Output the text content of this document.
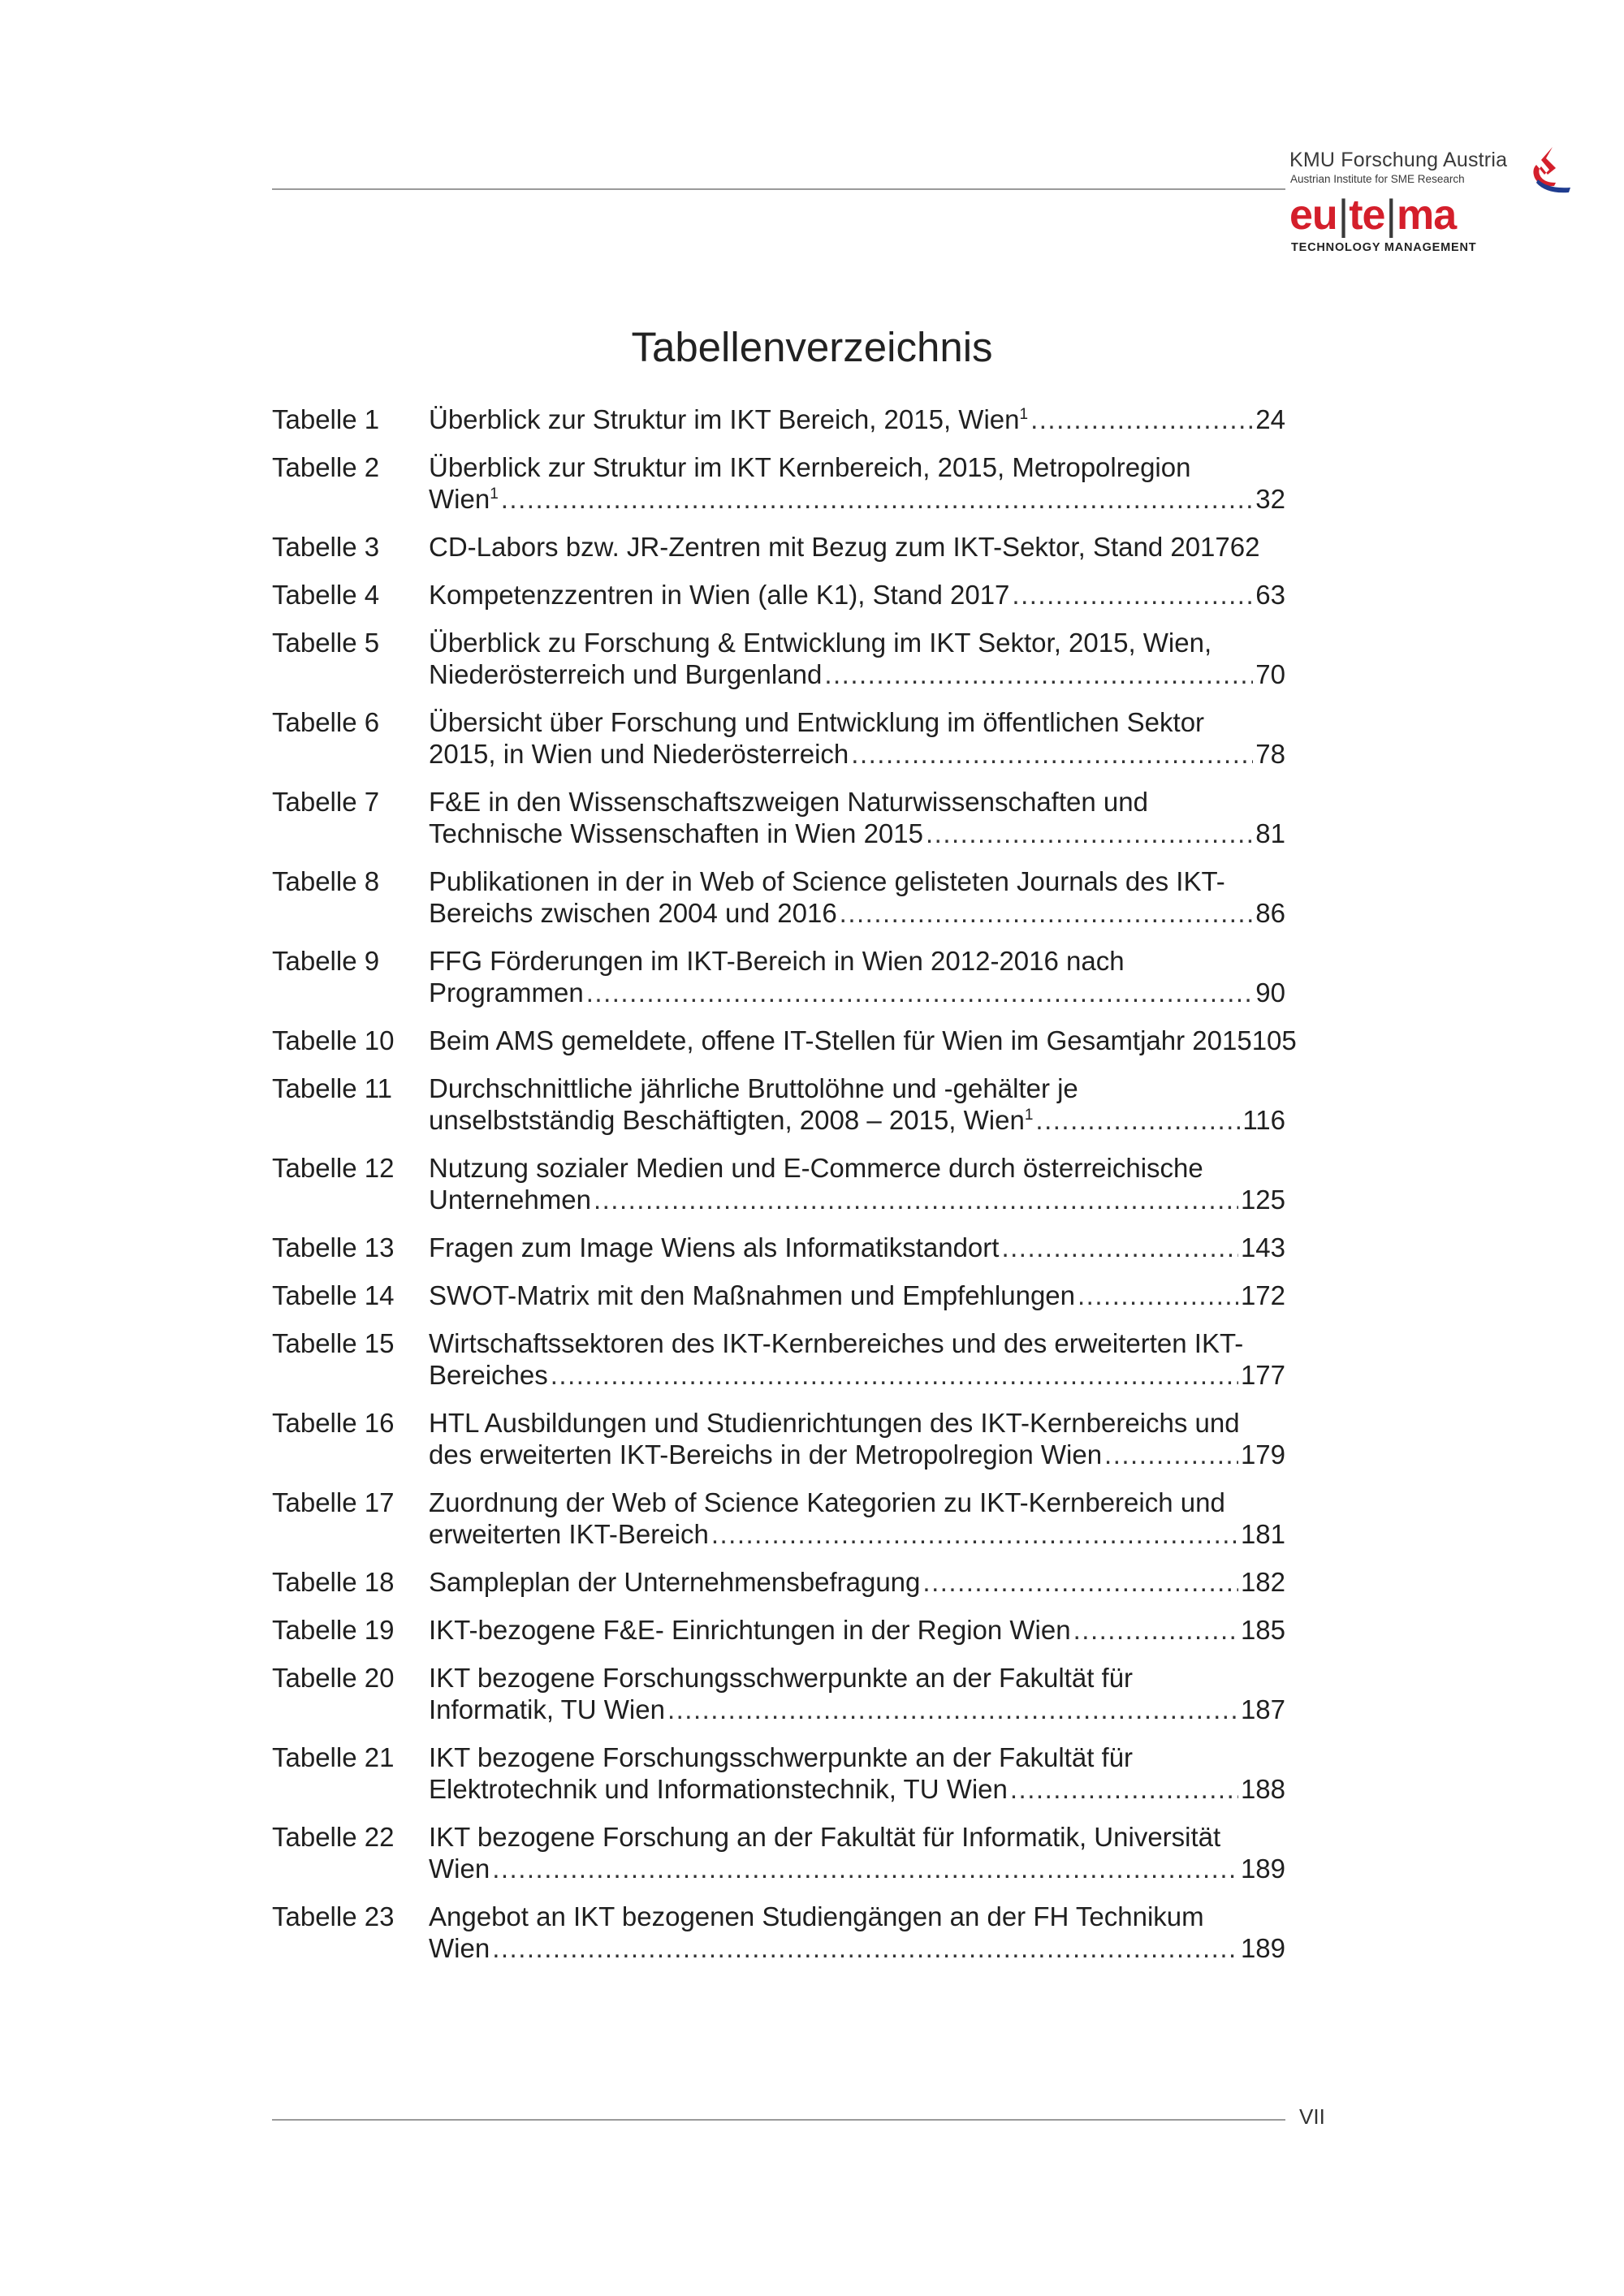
KMU Forschung Austria
Austrian Institute for SME Research
eu|te|ma
TECHNOLOGY MANAGEMENT
Tabellenverzeichnis
Tabelle 1 Überblick zur Struktur im IKT Bereich, 2015, Wien$^1$ .....	24
Tabelle 2 Überblick zur Struktur im IKT Kernbereich, 2015, Metropolregion
Wien$^1$ .....	32
Tabelle 3 CD-Labors bzw. JR-Zentren mit Bezug zum IKT-Sektor, Stand 2017 62
Tabelle 4 Kompetenzzentren in Wien (alle K1), Stand 2017 .....	63
Tabelle 5 Überblick zu Forschung & Entwicklung im IKT Sektor, 2015, Wien,
Niederösterreich und Burgenland .....	70
Tabelle 6 Übersicht über Forschung und Entwicklung im öffentlichen Sektor
2015, in Wien und Niederösterreich .....	78
Tabelle 7 F&E in den Wissenschaftszweigen Naturwissenschaften und
Technische Wissenschaften in Wien 2015 .....	81
Tabelle 8 Publikationen in der in Web of Science gelisteten Journals des IKT-
Bereichs zwischen 2004 und 2016 .....	86
Tabelle 9 FFG Förderungen im IKT-Bereich in Wien 2012-2016 nach
Programmen .....	90
Tabelle 10 Beim AMS gemeldete, offene IT-Stellen für Wien im Gesamtjahr 2015 105
Tabelle 11 Durchschnittliche jährliche Bruttolöhne und -gehälter je
unselbstständig Beschäftigten, 2008 – 2015, Wien$^1$ .....	116
Tabelle 12 Nutzung sozialer Medien und E-Commerce durch österreichische
Unternehmen .....	125
Tabelle 13 Fragen zum Image Wiens als Informatikstandort .....	143
Tabelle 14 SWOT-Matrix mit den Maßnahmen und Empfehlungen .....	172
Tabelle 15 Wirtschaftssektoren des IKT-Kernbereiches und des erweiterten IKT-
Bereiches .....	177
Tabelle 16 HTL Ausbildungen und Studienrichtungen des IKT-Kernbereichs und
des erweiterten IKT-Bereichs in der Metropolregion Wien .....	179
Tabelle 17 Zuordnung der Web of Science Kategorien zu IKT-Kernbereich und
erweiterten IKT-Bereich .....	181
Tabelle 18 Sampleplan der Unternehmensbefragung .....	182
Tabelle 19 IKT-bezogene F&E- Einrichtungen in der Region Wien .....	185
Tabelle 20 IKT bezogene Forschungsschwerpunkte an der Fakultät für
Informatik, TU Wien .....	187
Tabelle 21 IKT bezogene Forschungsschwerpunkte an der Fakultät für
Elektrotechnik und Informationstechnik, TU Wien .....	188
Tabelle 22 IKT bezogene Forschung an der Fakultät für Informatik, Universität
Wien .....	189
Tabelle 23 Angebot an IKT bezogenen Studiengängen an der FH Technikum
Wien .....	189
VII
